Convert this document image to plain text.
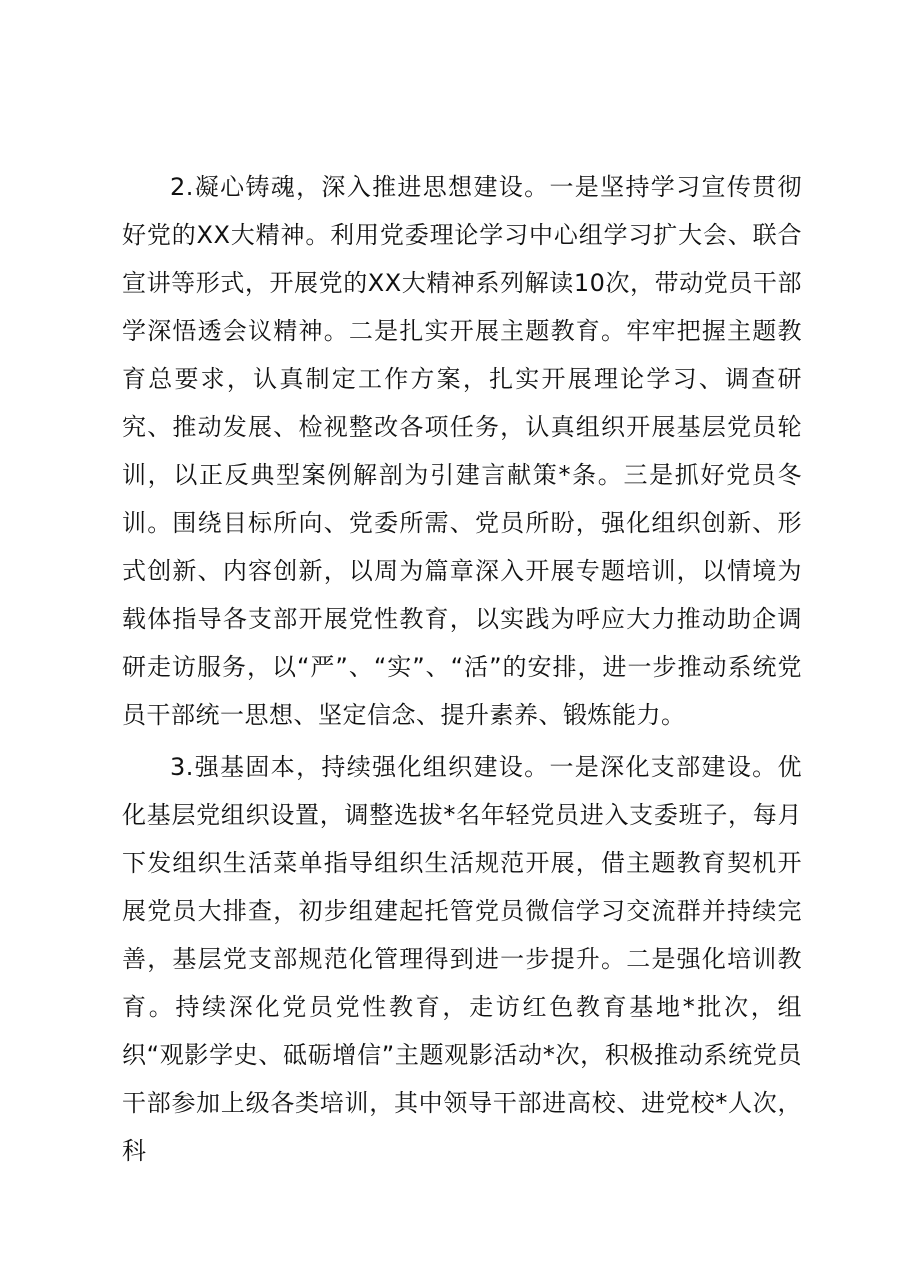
2.凝心铸魂，深入推进思想建设。一是坚持学习宣传贯彻好党的XX大精神。利用党委理论学习中心组学习扩大会、联合宣讲等形式，开展党的XX大精神系列解读10次，带动党员干部学深悟透会议精神。二是扎实开展主题教育。牢牢把握主题教育总要求，认真制定工作方案，扎实开展理论学习、调查研究、推动发展、检视整改各项任务，认真组织开展基层党员轮训，以正反典型案例解剖为引建言献策*条。三是抓好党员冬训。围绕目标所向、党委所需、党员所盼，强化组织创新、形式创新、内容创新，以周为篇章深入开展专题培训，以情境为载体指导各支部开展党性教育，以实践为呼应大力推动助企调研走访服务，以“严”、“实”、“活”的安排，进一步推动系统党员干部统一思想、坚定信念、提升素养、锻炼能力。

3.强基固本，持续强化组织建设。一是深化支部建设。优化基层党组织设置，调整选拔*名年轻党员进入支委班子，每月下发组织生活菜单指导组织生活规范开展，借主题教育契机开展党员大排查，初步组建起托管党员微信学习交流群并持续完善，基层党支部规范化管理得到进一步提升。二是强化培训教育。持续深化党员党性教育，走访红色教育基地*批次，组织“观影学史、砥砺增信”主题观影活动*次，积极推动系统党员干部参加上级各类培训，其中领导干部进高校、进党校*人次，科
